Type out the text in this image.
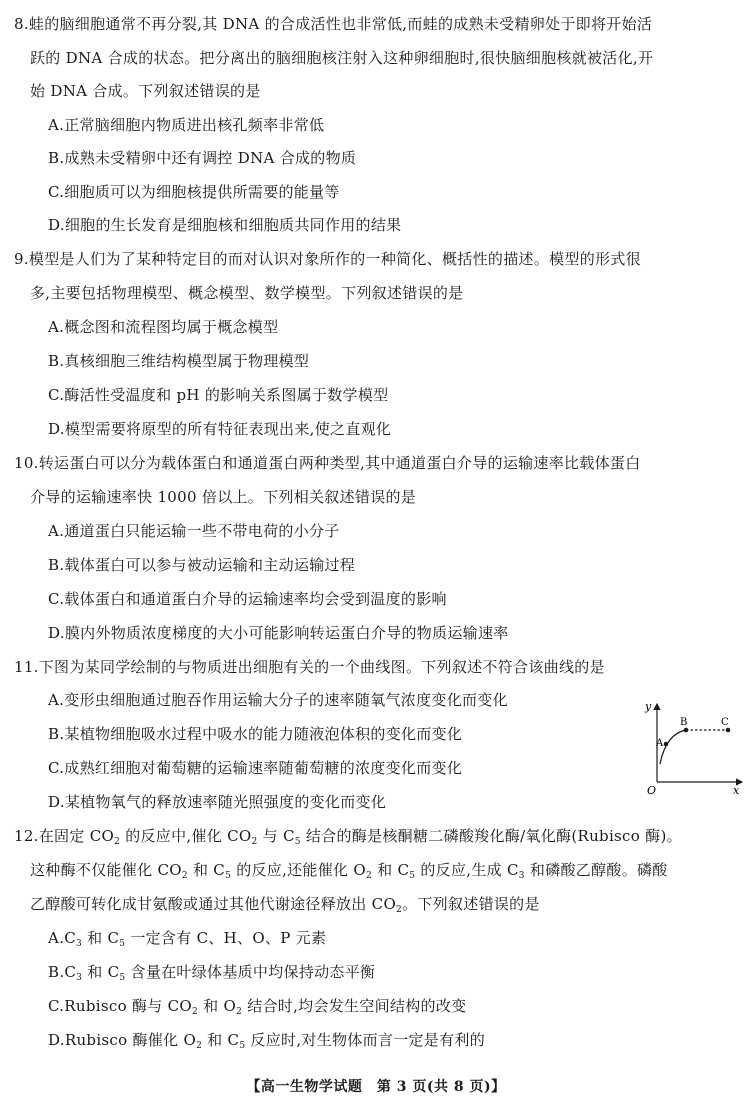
8.蛙的脑细胞通常不再分裂,其 DNA 的合成活性也非常低,而蛙的成熟未受精卵处于即将开始活
跃的 DNA 合成的状态。把分离出的脑细胞核注射入这种卵细胞时,很快脑细胞核就被活化,开
始 DNA 合成。下列叙述错误的是
A.正常脑细胞内物质进出核孔频率非常低
B.成熟未受精卵中还有调控 DNA 合成的物质
C.细胞质可以为细胞核提供所需要的能量等
D.细胞的生长发育是细胞核和细胞质共同作用的结果
9.模型是人们为了某种特定目的而对认识对象所作的一种简化、概括性的描述。模型的形式很
多,主要包括物理模型、概念模型、数学模型。下列叙述错误的是
A.概念图和流程图均属于概念模型
B.真核细胞三维结构模型属于物理模型
C.酶活性受温度和 pH 的影响关系图属于数学模型
D.模型需要将原型的所有特征表现出来,使之直观化
10.转运蛋白可以分为载体蛋白和通道蛋白两种类型,其中通道蛋白介导的运输速率比载体蛋白
介导的运输速率快 1000 倍以上。下列相关叙述错误的是
A.通道蛋白只能运输一些不带电荷的小分子
B.载体蛋白可以参与被动运输和主动运输过程
C.载体蛋白和通道蛋白介导的运输速率均会受到温度的影响
D.膜内外物质浓度梯度的大小可能影响转运蛋白介导的物质运输速率
11.下图为某同学绘制的与物质进出细胞有关的一个曲线图。下列叙述不符合该曲线的是
A.变形虫细胞通过胞吞作用运输大分子的速率随氧气浓度变化而变化
B.某植物细胞吸水过程中吸水的能力随液泡体积的变化而变化
C.成熟红细胞对葡萄糖的运输速率随葡萄糖的浓度变化而变化
D.某植物氧气的释放速率随光照强度的变化而变化
y
x
O
A
B	C
12.在固定 $CO_2$ 的反应中,催化 $CO_2$ 与 $C_5$ 结合的酶是核酮糖二磷酸羧化酶/氧化酶(Rubisco 酶)。
这种酶不仅能催化 $CO_2$ 和 $C_5$ 的反应,还能催化 $O_2$ 和 $C_5$ 的反应,生成 $C_3$ 和磷酸乙醇酸。磷酸
乙醇酸可转化成甘氨酸或通过其他代谢途径释放出 $CO_2$。下列叙述错误的是
$A.C_3$ 和 $C_5$ 一定含有 C、H、O、P 元素
$B.C_3$ 和 $C_5$ 含量在叶绿体基质中均保持动态平衡
C.Rubisco 酶与 $CO_2$ 和 $O_2$ 结合时,均会发生空间结构的改变
D.Rubisco 酶催化 $O_2$ 和 $C_5$ 反应时,对生物体而言一定是有利的
【高一生物学试题　第 3 页(共 8 页)】
